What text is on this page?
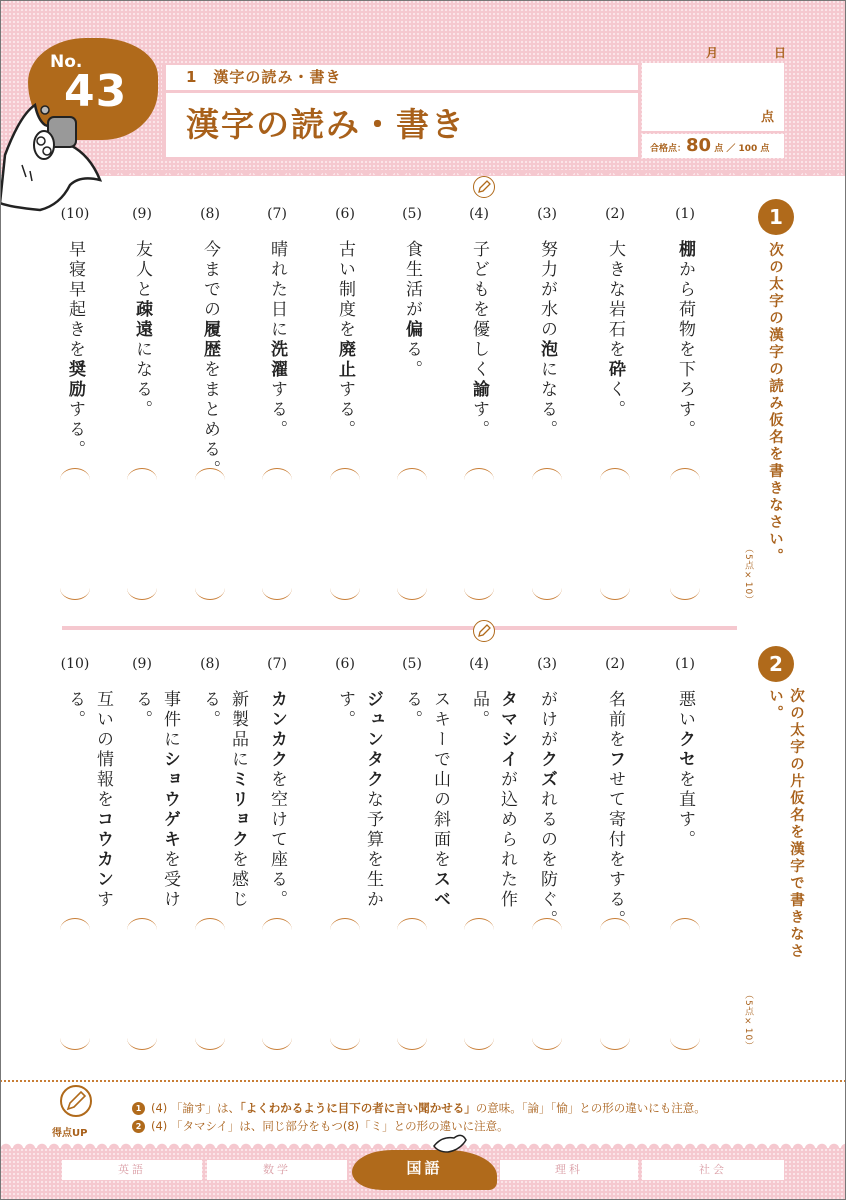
No.
43	1　漢字の読み・書き
漢字の読み・書き
月	日
点
合格点：80 点 ／ 100 点
1
次の太字の漢字の読み仮名を書きなさい。
（5点×10）
(1)
棚から荷物を下ろす。
(2)
大きな岩石を砕く。
(3)
努力が水の泡になる。
(4)
子どもを優しく諭す。
(5)
食生活が偏る。
(6)
古い制度を廃止する。
(7)
晴れた日に洗濯する。
(8)
今までの履歴をまとめる。
(9)
友人と疎遠になる。
(10)
早寝早起きを奨励する。
2
次の太字の片仮名を漢字で書きなさい。
（5点×10）
(1)
悪いクセを直す。
(2)
名前をフせて寄付をする。
(3)
がけがクズれるのを防ぐ。
(4)
タマシイが込められた作品。
(5)
スキーで山の斜面をスベる。
(6)
ジュンタクな予算を生かす。
(7)
カンカクを空けて座る。
(8)
新製品にミリョクを感じる。
(9)
事件にショウゲキを受ける。
(10)
互いの情報をコウカンする。
得点UP
1 (4) 「諭す」は、「よくわかるように目下の者に言い聞かせる」の意味。「論」「愉」との形の違いにも注意。
2 (4) 「タマシイ」は、同じ部分をもつ(8)「ミ」との形の違いに注意。
英語	数学	国語	理科	社会
